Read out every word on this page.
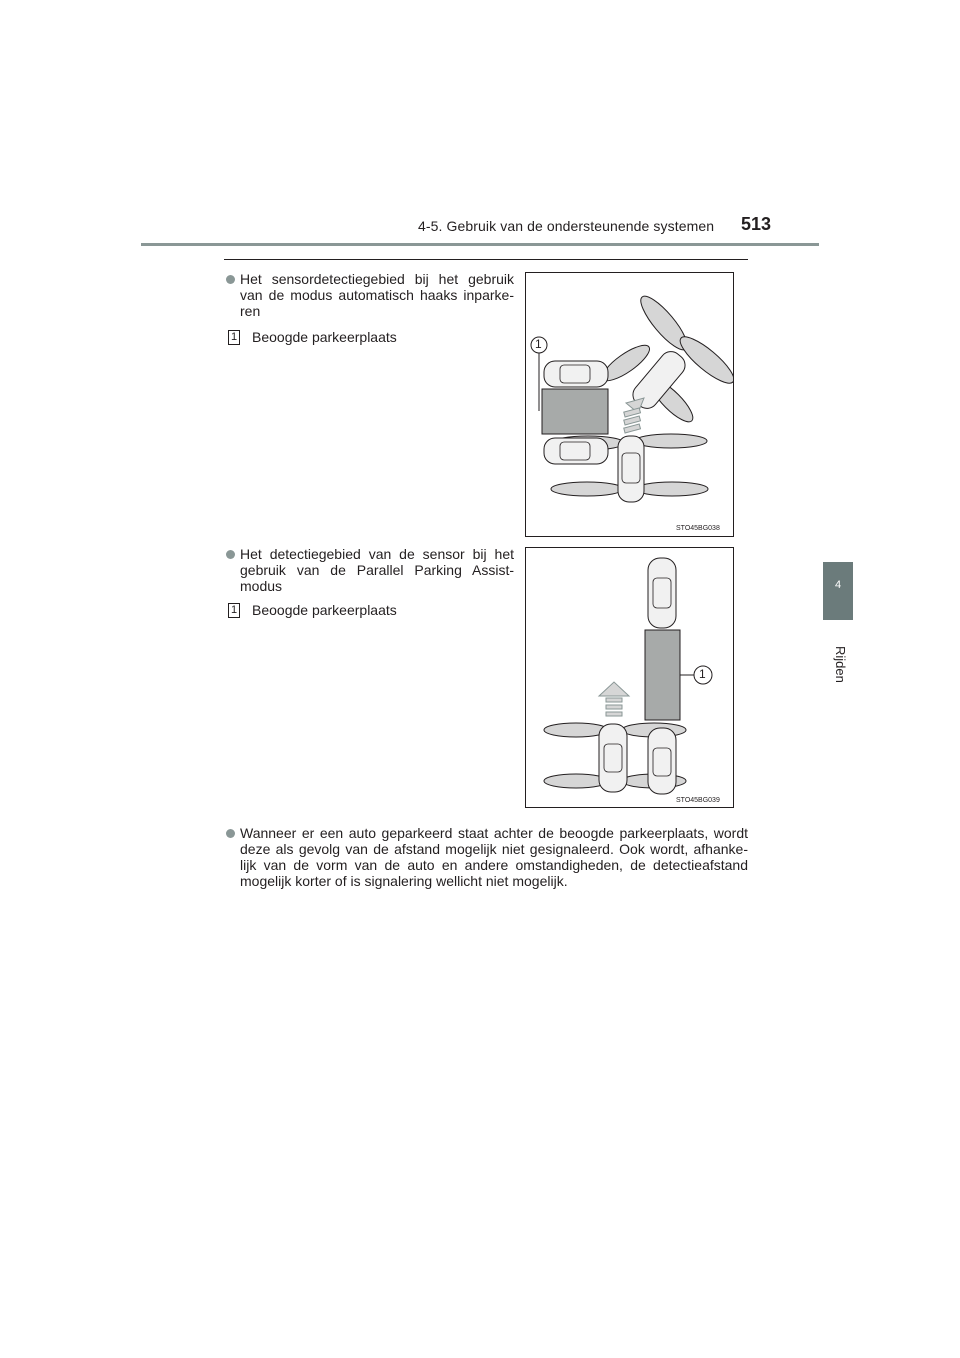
4-5. Gebruik van de ondersteunende systemen 513
4
Rijden
Het sensordetectiegebied bij het gebruik van de modus automatisch haaks inparke-ren
1 Beoogde parkeerplaats	1
STO45BG038
Het detectiegebied van de sensor bij het gebruik van de Parallel Parking Assist-modus
1 Beoogde parkeerplaats
1
STO45BG039
Wanneer er een auto geparkeerd staat achter de beoogde parkeerplaats, wordt deze als gevolg van de afstand mogelijk niet gesignaleerd. Ook wordt, afhanke-lijk van de vorm van de auto en andere omstandigheden, de detectieafstand mogelijk korter of is signalering wellicht niet mogelijk.
